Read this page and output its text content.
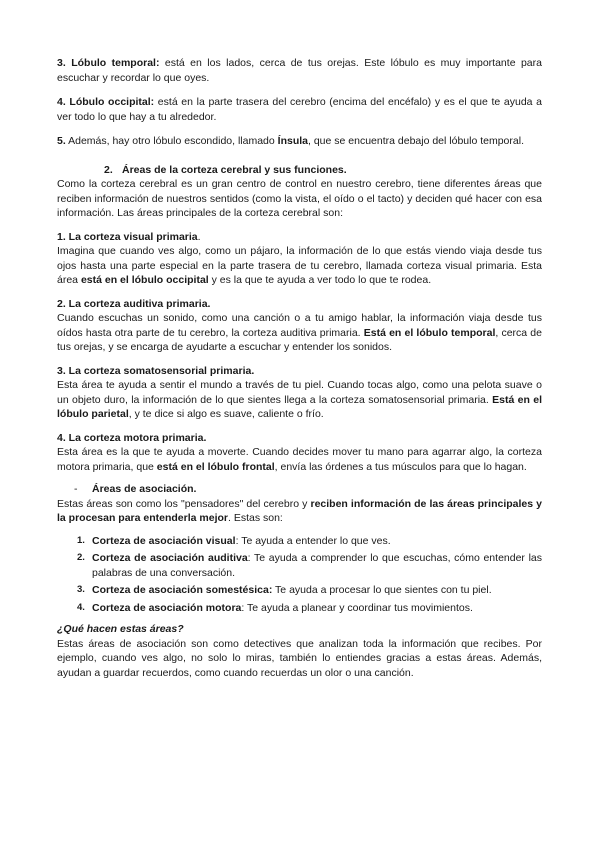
3. Lóbulo temporal: está en los lados, cerca de tus orejas. Este lóbulo es muy importante para escuchar y recordar lo que oyes.

4. Lóbulo occipital: está en la parte trasera del cerebro (encima del encéfalo) y es el que te ayuda a ver todo lo que hay a tu alrededor.

5. Además, hay otro lóbulo escondido, llamado Ínsula, que se encuentra debajo del lóbulo temporal.

2. Áreas de la corteza cerebral y sus funciones.

Como la corteza cerebral es un gran centro de control en nuestro cerebro, tiene diferentes áreas que reciben información de nuestros sentidos (como la vista, el oído o el tacto) y deciden qué hacer con esa información. Las áreas principales de la corteza cerebral son:

1. La corteza visual primaria.

Imagina que cuando ves algo, como un pájaro, la información de lo que estás viendo viaja desde tus ojos hasta una parte especial en la parte trasera de tu cerebro, llamada corteza visual primaria. Esta área está en el lóbulo occipital y es la que te ayuda a ver todo lo que te rodea.

2. La corteza auditiva primaria.

Cuando escuchas un sonido, como una canción o a tu amigo hablar, la información viaja desde tus oídos hasta otra parte de tu cerebro, la corteza auditiva primaria. Está en el lóbulo temporal, cerca de tus orejas, y se encarga de ayudarte a escuchar y entender los sonidos.

3. La corteza somatosensorial primaria.

Esta área te ayuda a sentir el mundo a través de tu piel. Cuando tocas algo, como una pelota suave o un objeto duro, la información de lo que sientes llega a la corteza somatosensorial primaria. Está en el lóbulo parietal, y te dice si algo es suave, caliente o frío.

4. La corteza motora primaria.

Esta área es la que te ayuda a moverte. Cuando decides mover tu mano para agarrar algo, la corteza motora primaria, que está en el lóbulo frontal, envía las órdenes a tus músculos para que lo hagan.

- Áreas de asociación.

Estas áreas son como los "pensadores" del cerebro y reciben información de las áreas principales y la procesan para entenderla mejor. Estas son:

1. Corteza de asociación visual: Te ayuda a entender lo que ves.
2. Corteza de asociación auditiva: Te ayuda a comprender lo que escuchas, cómo entender las palabras de una conversación.
3. Corteza de asociación somestésica: Te ayuda a procesar lo que sientes con tu piel.
4. Corteza de asociación motora: Te ayuda a planear y coordinar tus movimientos.
¿Qué hacen estas áreas?

Estas áreas de asociación son como detectives que analizan toda la información que recibes. Por ejemplo, cuando ves algo, no solo lo miras, también lo entiendes gracias a estas áreas. Además, ayudan a guardar recuerdos, como cuando recuerdas un olor o una canción.
